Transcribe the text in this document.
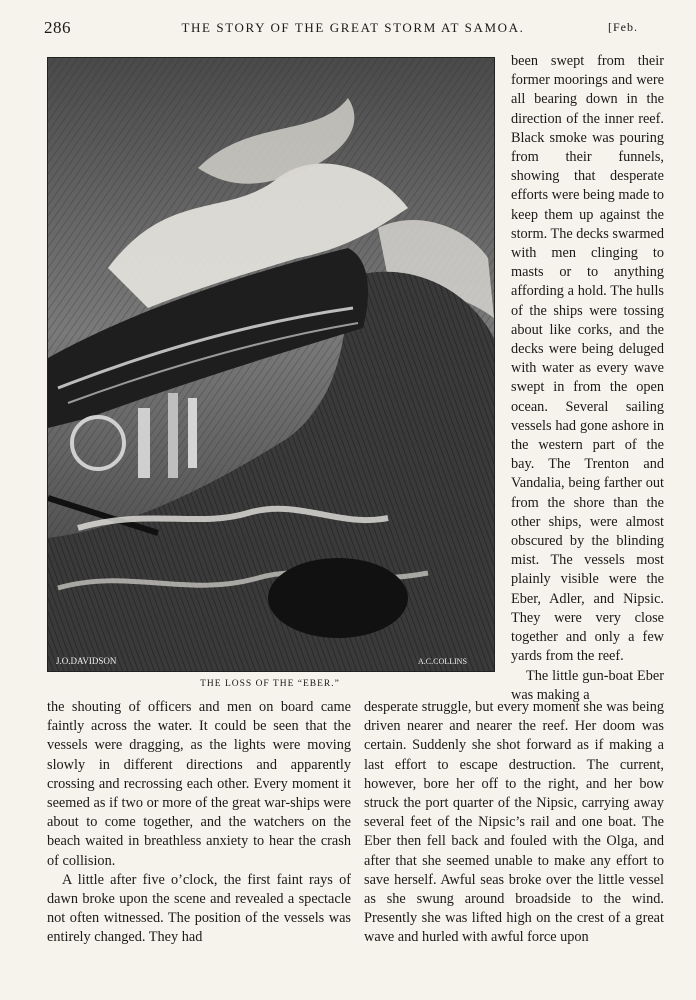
286	THE STORY OF THE GREAT STORM AT SAMOA.	[Feb.
J.O.DAVIDSON	A.C.COLLINS
THE LOSS OF THE “EBER.”

been swept from their former moorings and were all bearing down in the direction of the inner reef. Black smoke was pouring from their funnels, showing that desperate efforts were being made to keep them up against the storm. The decks swarmed with men clinging to masts or to anything affording a hold. The hulls of the ships were tossing about like corks, and the decks were being deluged with water as every wave swept in from the open ocean. Several sailing vessels had gone ashore in the western part of the bay. The Trenton and Vandalia, being farther out from the shore than the other ships, were almost obscured by the blinding mist. The vessels most plainly visible were the Eber, Adler, and Nipsic. They were very close together and only a few yards from the reef.

The little gun-boat Eber was making a

the shouting of officers and men on board came faintly across the water. It could be seen that the vessels were dragging, as the lights were moving slowly in different directions and apparently crossing and recrossing each other. Every moment it seemed as if two or more of the great war-ships were about to come together, and the watchers on the beach waited in breathless anxiety to hear the crash of collision.

A little after five o’clock, the first faint rays of dawn broke upon the scene and revealed a spectacle not often witnessed. The position of the vessels was entirely changed. They had

desperate struggle, but every moment she was being driven nearer and nearer the reef. Her doom was certain. Suddenly she shot forward as if making a last effort to escape destruction. The current, however, bore her off to the right, and her bow struck the port quarter of the Nipsic, carrying away several feet of the Nipsic’s rail and one boat. The Eber then fell back and fouled with the Olga, and after that she seemed unable to make any effort to save herself. Awful seas broke over the little vessel as she swung around broadside to the wind. Presently she was lifted high on the crest of a great wave and hurled with awful force upon
